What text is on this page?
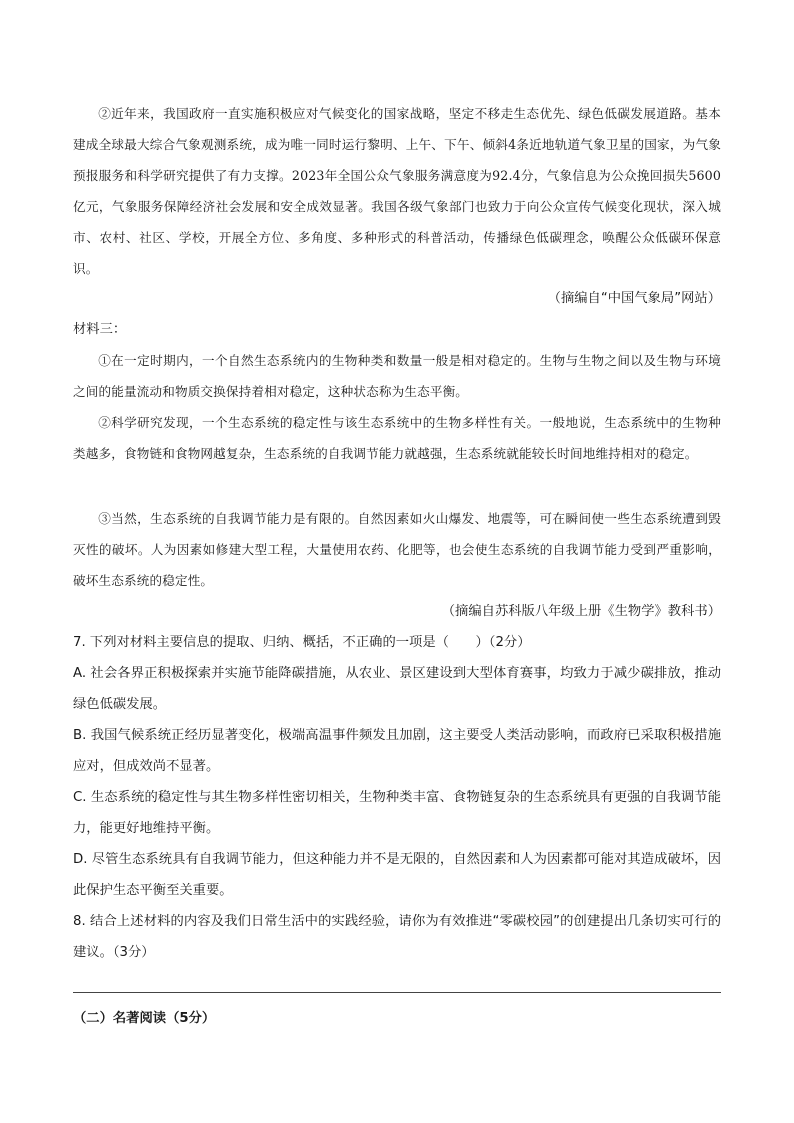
②近年来，我国政府一直实施积极应对气候变化的国家战略，坚定不移走生态优先、绿色低碳发展道路。基本建成全球最大综合气象观测系统，成为唯一同时运行黎明、上午、下午、倾斜4条近地轨道气象卫星的国家，为气象预报服务和科学研究提供了有力支撑。2023年全国公众气象服务满意度为92.4分，气象信息为公众挽回损失5600亿元，气象服务保障经济社会发展和安全成效显著。我国各级气象部门也致力于向公众宣传气候变化现状，深入城市、农村、社区、学校，开展全方位、多角度、多种形式的科普活动，传播绿色低碳理念，唤醒公众低碳环保意识。

（摘编自“中国气象局”网站）

材料三：

①在一定时期内，一个自然生态系统内的生物种类和数量一般是相对稳定的。生物与生物之间以及生物与环境之间的能量流动和物质交换保持着相对稳定，这种状态称为生态平衡。

②科学研究发现，一个生态系统的稳定性与该生态系统中的生物多样性有关。一般地说，生态系统中的生物种类越多，食物链和食物网越复杂，生态系统的自我调节能力就越强，生态系统就能较长时间地维持相对的稳定。

③当然，生态系统的自我调节能力是有限的。自然因素如火山爆发、地震等，可在瞬间使一些生态系统遭到毁灭性的破坏。人为因素如修建大型工程，大量使用农药、化肥等，也会使生态系统的自我调节能力受到严重影响，破坏生态系统的稳定性。

（摘编自苏科版八年级上册《生物学》教科书）

7. 下列对材料主要信息的提取、归纳、概括，不正确的一项是（　　）（2分）

A. 社会各界正积极探索并实施节能降碳措施，从农业、景区建设到大型体育赛事，均致力于减少碳排放，推动绿色低碳发展。

B. 我国气候系统正经历显著变化，极端高温事件频发且加剧，这主要受人类活动影响，而政府已采取积极措施应对，但成效尚不显著。

C. 生态系统的稳定性与其生物多样性密切相关，生物种类丰富、食物链复杂的生态系统具有更强的自我调节能力，能更好地维持平衡。

D. 尽管生态系统具有自我调节能力，但这种能力并不是无限的，自然因素和人为因素都可能对其造成破坏，因此保护生态平衡至关重要。

8. 结合上述材料的内容及我们日常生活中的实践经验，请你为有效推进“零碳校园”的创建提出几条切实可行的建议。（3分）

（二）名著阅读（5分）
